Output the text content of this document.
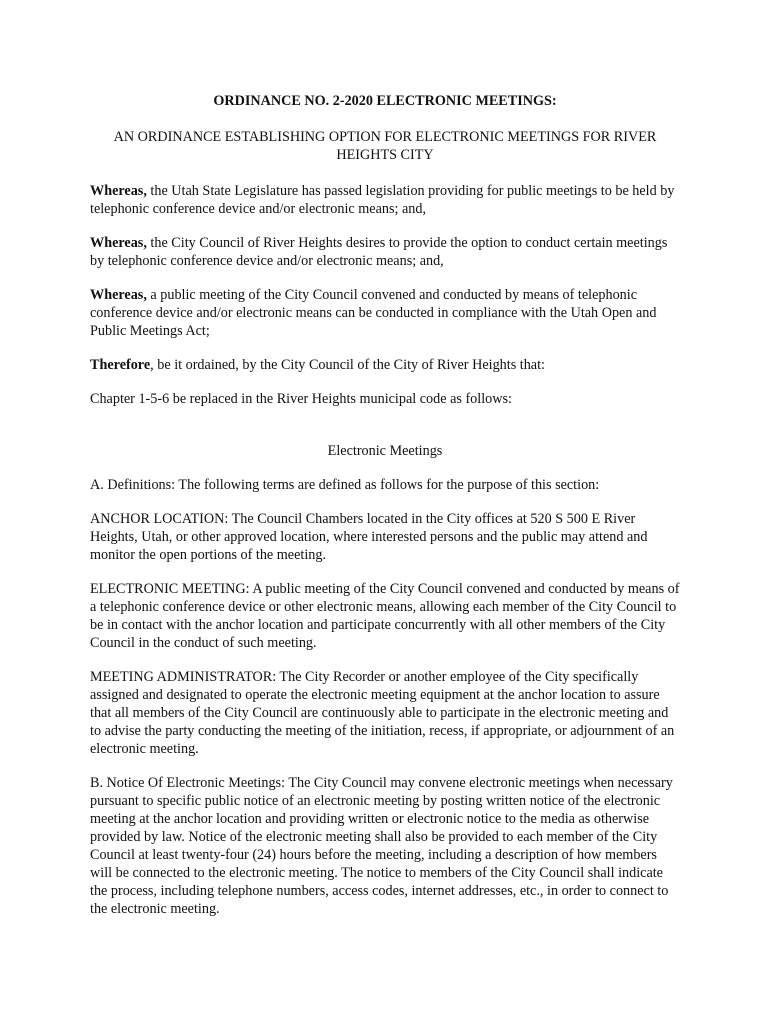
ORDINANCE NO. 2-2020 ELECTRONIC MEETINGS:
AN ORDINANCE ESTABLISHING OPTION FOR ELECTRONIC MEETINGS FOR RIVER HEIGHTS CITY

Whereas, the Utah State Legislature has passed legislation providing for public meetings to be held by telephonic conference device and/or electronic means; and,

Whereas, the City Council of River Heights desires to provide the option to conduct certain meetings by telephonic conference device and/or electronic means; and,

Whereas, a public meeting of the City Council convened and conducted by means of telephonic conference device and/or electronic means can be conducted in compliance with the Utah Open and Public Meetings Act;

Therefore, be it ordained, by the City Council of the City of River Heights that:

Chapter 1-5-6 be replaced in the River Heights municipal code as follows:

Electronic Meetings

A. Definitions: The following terms are defined as follows for the purpose of this section:

ANCHOR LOCATION: The Council Chambers located in the City offices at 520 S 500 E River Heights, Utah, or other approved location, where interested persons and the public may attend and monitor the open portions of the meeting.

ELECTRONIC MEETING: A public meeting of the City Council convened and conducted by means of a telephonic conference device or other electronic means, allowing each member of the City Council to be in contact with the anchor location and participate concurrently with all other members of the City Council in the conduct of such meeting.

MEETING ADMINISTRATOR: The City Recorder or another employee of the City specifically assigned and designated to operate the electronic meeting equipment at the anchor location to assure that all members of the City Council are continuously able to participate in the electronic meeting and to advise the party conducting the meeting of the initiation, recess, if appropriate, or adjournment of an electronic meeting.

B. Notice Of Electronic Meetings: The City Council may convene electronic meetings when necessary pursuant to specific public notice of an electronic meeting by posting written notice of the electronic meeting at the anchor location and providing written or electronic notice to the media as otherwise provided by law. Notice of the electronic meeting shall also be provided to each member of the City Council at least twenty-four (24) hours before the meeting, including a description of how members will be connected to the electronic meeting. The notice to members of the City Council shall indicate the process, including telephone numbers, access codes, internet addresses, etc., in order to connect to the electronic meeting.
